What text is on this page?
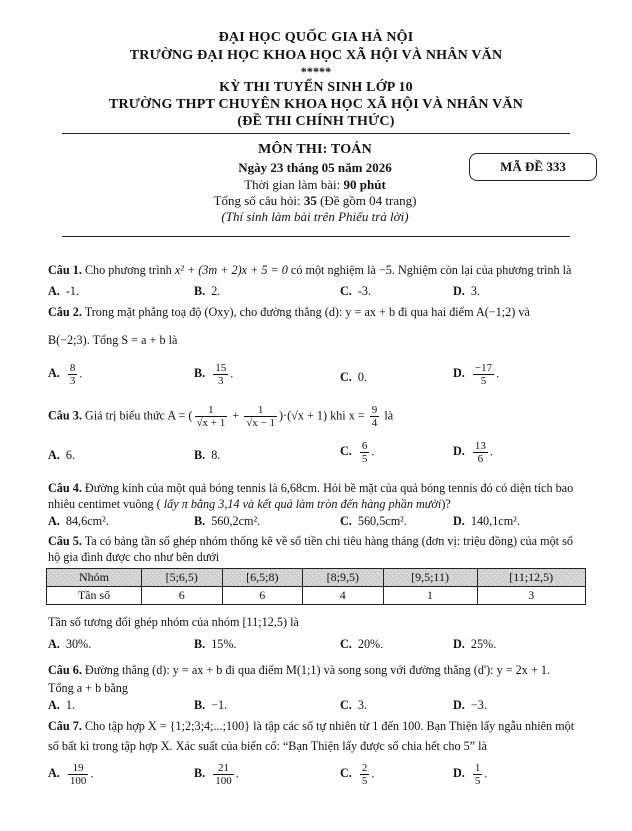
ĐẠI HỌC QUỐC GIA HÀ NỘI
TRƯỜNG ĐẠI HỌC KHOA HỌC XÃ HỘI VÀ NHÂN VĂN
*****
KỲ THI TUYỂN SINH LỚP 10
TRƯỜNG THPT CHUYÊN KHOA HỌC XÃ HỘI VÀ NHÂN VĂN
(ĐỀ THI CHÍNH THỨC)
MÔN THI: TOÁN
Ngày 23 tháng 05 năm 2026
Thời gian làm bài: 90 phút
Tổng số câu hỏi: 35 (Đề gồm 04 trang)
(Thí sinh làm bài trên Phiếu trả lời)
MÃ ĐỀ 333
Câu 1. Cho phương trình x² + (3m + 2)x + 5 = 0 có một nghiệm là −5. Nghiệm còn lại của phương trình là
A. -1.	B. 2.	C. -3.	D. 3.
Câu 2. Trong mặt phẳng toạ độ (Oxy), cho đường thẳng (d): y = ax + b đi qua hai điểm A(−1;2) và
B(−2;3). Tổng S = a + b là
A. $\frac{8}{3}$ .	B. $\frac{15}{3}$ .	C. 0.	D. $\frac{-17}{5}$ .
Câu 3. Giá trị biểu thức A = ( $\frac{1}{√x + 1} + \frac{1}{√x - 1} )\cdot(√x + 1)$ khi $x = \frac{9}{4}$ là
A. 6.	B. 8.	C. $\frac{6}{5}$ .	D. $\frac{13}{6}$ .
Câu 4. Đường kính của một quả bóng tennis là 6,68cm. Hỏi bề mặt của quả bóng tennis đó có diện tích bao
nhiêu centimet vuông ( lấy π bằng 3,14 và kết quả làm tròn đến hàng phần mười)?
A. 84,6cm².	B. 560,2cm².	C. 560,5cm².	D. 140,1cm².
Câu 5. Ta có bảng tần số ghép nhóm thống kê về số tiền chi tiêu hàng tháng (đơn vị: triệu đồng) của một số
hộ gia đình được cho như bên dưới
Nhóm	[5;6,5)	[6,5;8)	[8;9,5)	[9,5;11)	[11;12,5)
Tần số	6	6	4	1	3
Tần số tương đối ghép nhóm của nhóm [11;12,5) là
A. 30%.	B. 15%.	C. 20%.	D. 25%.
Câu 6. Đường thẳng (d): y = ax + b đi qua điểm M(1;1) và song song với đường thẳng (d'): y = 2x + 1.
Tổng a + b bằng
A. 1.	B. −1.	C. 3.	D. −3.
Câu 7. Cho tập hợp X = {1;2;3;4;...;100} là tập các số tự nhiên từ 1 đến 100. Bạn Thiện lấy ngẫu nhiên một
số bất kì trong tập hợp X. Xác suất của biến cố: “Bạn Thiện lấy được số chia hết cho 5” là
A. $\frac{19}{100}$ .	B. $\frac{21}{100}$ .	C. $\frac{2}{5}$ .	D. $\frac{1}{5}$ .
